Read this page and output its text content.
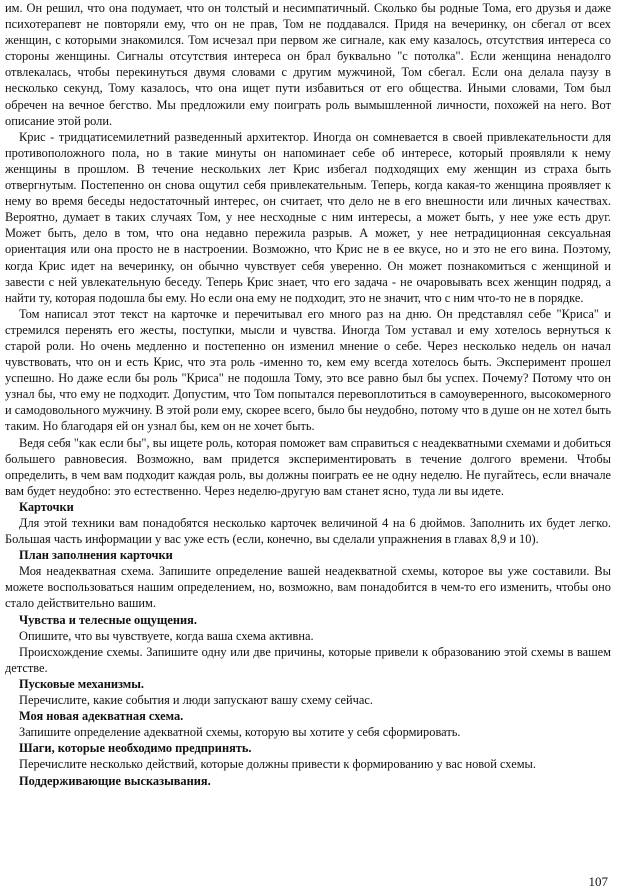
им. Он решил, что она подумает, что он толстый и несимпатичный. Сколько бы родные Тома, его друзья и даже психотерапевт не повторяли ему, что он не прав, Том не поддавался. Придя на вечеринку, он сбегал от всех женщин, с которыми знакомился. Том исчезал при первом же сигнале, как ему казалось, отсутствия интереса со стороны женщины. Сигналы отсутствия интереса он брал буквально "с потолка". Если женщина ненадолго отвлекалась, чтобы перекинуться двумя словами с другим мужчиной, Том сбегал. Если она делала паузу в несколько секунд, Тому казалось, что она ищет пути избавиться от его общества. Иными словами, Том был обречен на вечное бегство. Мы предложили ему поиграть роль вымышленной личности, похожей на него. Вот описание этой роли.

Крис - тридцатисемилетний разведенный архитектор. Иногда он сомневается в своей привлекательности для противоположного пола, но в такие минуты он напоминает себе об интересе, который проявляли к нему женщины в прошлом. В течение нескольких лет Крис избегал подходящих ему женщин из страха быть отвергнутым. Постепенно он снова ощутил себя привлекательным. Теперь, когда какая-то женщина проявляет к нему во время беседы недостаточный интерес, он считает, что дело не в его внешности или личных качествах. Вероятно, думает в таких случаях Том, у нее несходные с ним интересы, а может быть, у нее уже есть друг. Может быть, дело в том, что она недавно пережила разрыв. А может, у нее нетрадиционная сексуальная ориентация или она просто не в настроении. Возможно, что Крис не в ее вкусе, но и это не его вина. Поэтому, когда Крис идет на вечеринку, он обычно чувствует себя уверенно. Он может познакомиться с женщиной и завести с ней увлекательную беседу. Теперь Крис знает, что его задача - не очаровывать всех женщин подряд, а найти ту, которая подошла бы ему. Но если она ему не подходит, это не значит, что с ним что-то не в порядке.

Том написал этот текст на карточке и перечитывал его много раз на дню. Он представлял себе "Криса" и стремился перенять его жесты, поступки, мысли и чувства. Иногда Том уставал и ему хотелось вернуться к старой роли. Но очень медленно и постепенно он изменил мнение о себе. Через несколько недель он начал чувствовать, что он и есть Крис, что эта роль -именно то, кем ему всегда хотелось быть. Эксперимент прошел успешно. Но даже если бы роль "Криса" не подошла Тому, это все равно был бы успех. Почему? Потому что он узнал бы, что ему не подходит. Допустим, что Том попытался перевоплотиться в самоуверенного, высокомерного и самодовольного мужчину. В этой роли ему, скорее всего, было бы неудобно, потому что в душе он не хотел быть таким. Но благодаря ей он узнал бы, кем он не хочет быть.

Ведя себя "как если бы", вы ищете роль, которая поможет вам справиться с неадекватными схемами и добиться большего равновесия. Возможно, вам придется экспериментировать в течение долгого времени. Чтобы определить, в чем вам подходит каждая роль, вы должны поиграть ее не одну неделю. Не пугайтесь, если вначале вам будет неудобно: это естественно. Через неделю-другую вам станет ясно, туда ли вы идете.

Карточки

Для этой техники вам понадобятся несколько карточек величиной 4 на 6 дюймов. Заполнить их будет легко. Большая часть информации у вас уже есть (если, конечно, вы сделали упражнения в главах 8,9 и 10).

План заполнения карточки

Моя неадекватная схема. Запишите определение вашей неадекватной схемы, которое вы уже составили. Вы можете воспользоваться нашим определением, но, возможно, вам понадобится в чем-то его изменить, чтобы оно стало действительно вашим.

Чувства и телесные ощущения.

Опишите, что вы чувствуете, когда ваша схема активна.

Происхождение схемы. Запишите одну или две причины, которые привели к образованию этой схемы в вашем детстве.

Пусковые механизмы.

Перечислите, какие события и люди запускают вашу схему сейчас.

Моя новая адекватная схема.

Запишите определение адекватной схемы, которую вы хотите у себя сформировать.

Шаги, которые необходимо предпринять.

Перечислите несколько действий, которые должны привести к формированию у вас новой схемы.

Поддерживающие высказывания.

107
